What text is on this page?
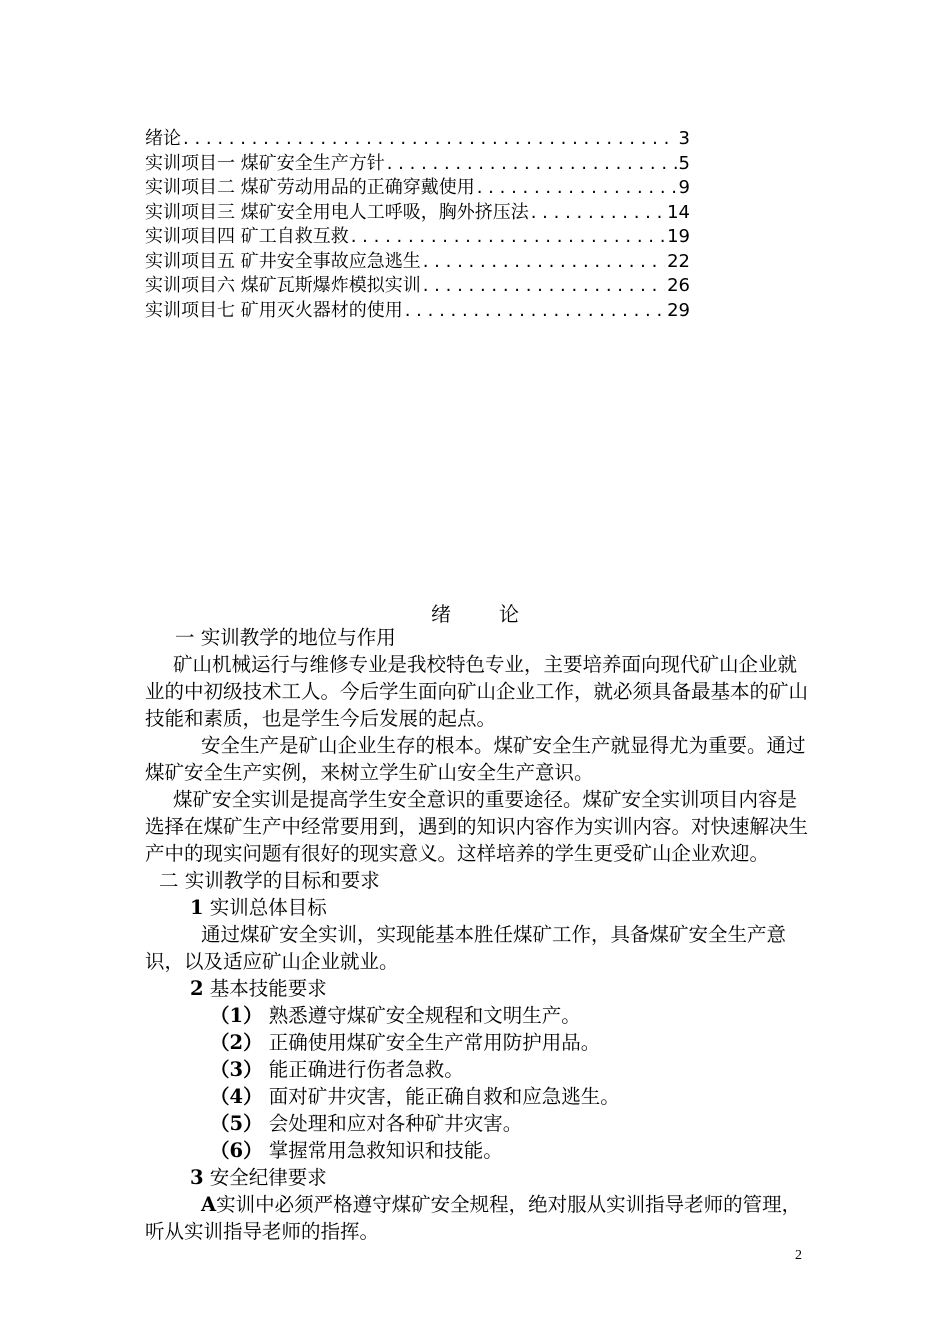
绪论 . . .	3
实训项目一 煤矿安全生产方针 . . .	5
实训项目二 煤矿劳动用品的正确穿戴使用 . . .	9
实训项目三 煤矿安全用电人工呼吸，胸外挤压法 . . .	14
实训项目四 矿工自救互救 . . .	19
实训项目五 矿井安全事故应急逃生 . . .	22
实训项目六 煤矿瓦斯爆炸模拟实训 . . .	26
实训项目七 矿用灭火器材的使用 . . .	29
绪论

一 实训教学的地位与作用

矿山机械运行与维修专业是我校特色专业，主要培养面向现代矿山企业就业的中初级技术工人。今后学生面向矿山企业工作，就必须具备最基本的矿山技能和素质，也是学生今后发展的起点。

安全生产是矿山企业生存的根本。煤矿安全生产就显得尤为重要。通过煤矿安全生产实例，来树立学生矿山安全生产意识。

煤矿安全实训是提高学生安全意识的重要途径。煤矿安全实训项目内容是选择在煤矿生产中经常要用到，遇到的知识内容作为实训内容。对快速解决生产中的现实问题有很好的现实意义。这样培养的学生更受矿山企业欢迎。

二 实训教学的目标和要求

1 实训总体目标

通过煤矿安全实训，实现能基本胜任煤矿工作，具备煤矿安全生产意识，以及适应矿山企业就业。

2 基本技能要求

（1） 熟悉遵守煤矿安全规程和文明生产。

（2） 正确使用煤矿安全生产常用防护用品。

（3） 能正确进行伤者急救。

（4） 面对矿井灾害，能正确自救和应急逃生。

（5） 会处理和应对各种矿井灾害。

（6） 掌握常用急救知识和技能。

3 安全纪律要求

A实训中必须严格遵守煤矿安全规程，绝对服从实训指导老师的管理，听从实训指导老师的指挥。

2
